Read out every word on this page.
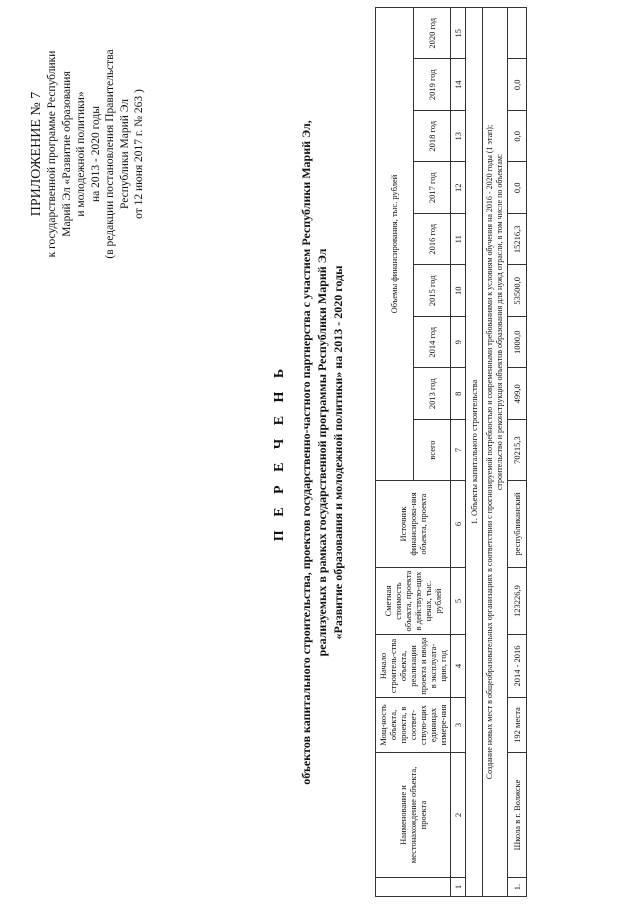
ПРИЛОЖЕНИЕ № 7 к государственной программе Республики Марий Эл «Развитие образования и молодежной политики» на 2013 - 2020 годы (в редакции постановления Правительства Республики Марий Эл от 12 июня 2017 г. № 263 )
П Е Р Е Ч Е Н Ь объектов капитального строительства, проектов государственно-частного партнерства с участием Республики Марий Эл, реализуемых в рамках государственной программы Республики Марий Эл «Развитие образования и молодежной политики» на 2013 - 2020 годы
	Наименование и местонахождение объекта, проекта	Мощ-ность объекта, проекта, в соответ-ствую-щих единицах измере-ния	Начало строитель-ства объекта, реализации проекта и ввода в эксплуата-цию, год	Сметная стоимость объекта, проекта в действую-щих ценах, тыс. рублей	Источник финансирова-ния объекта, проекта	Объемы финансирования, тыс. рублей								
						всего	2013 год	2014 год	2015 год	2016 год	2017 год	2018 год	2019 год	2020 год
1	2	3	4	5	6	7	8	9	10	11	12	13	14	15
1. Объекты капитального строительства														

Создание новых мест в общеобразовательных организациях в соответствии с прогнозируемой потребностью и современными требованиями к условиям обучения на 2016 - 2020 годы (1 этап); строительство и реконструкция объектов образования для нужд отрасли, в том числе по объектам:														

1.	Школа в г. Волжске	192 места	2014 - 2016	123226,9	республиканский	70215,3	499,0	1000,0	53500,0	15216,3	0,0	0,0	0,0	
